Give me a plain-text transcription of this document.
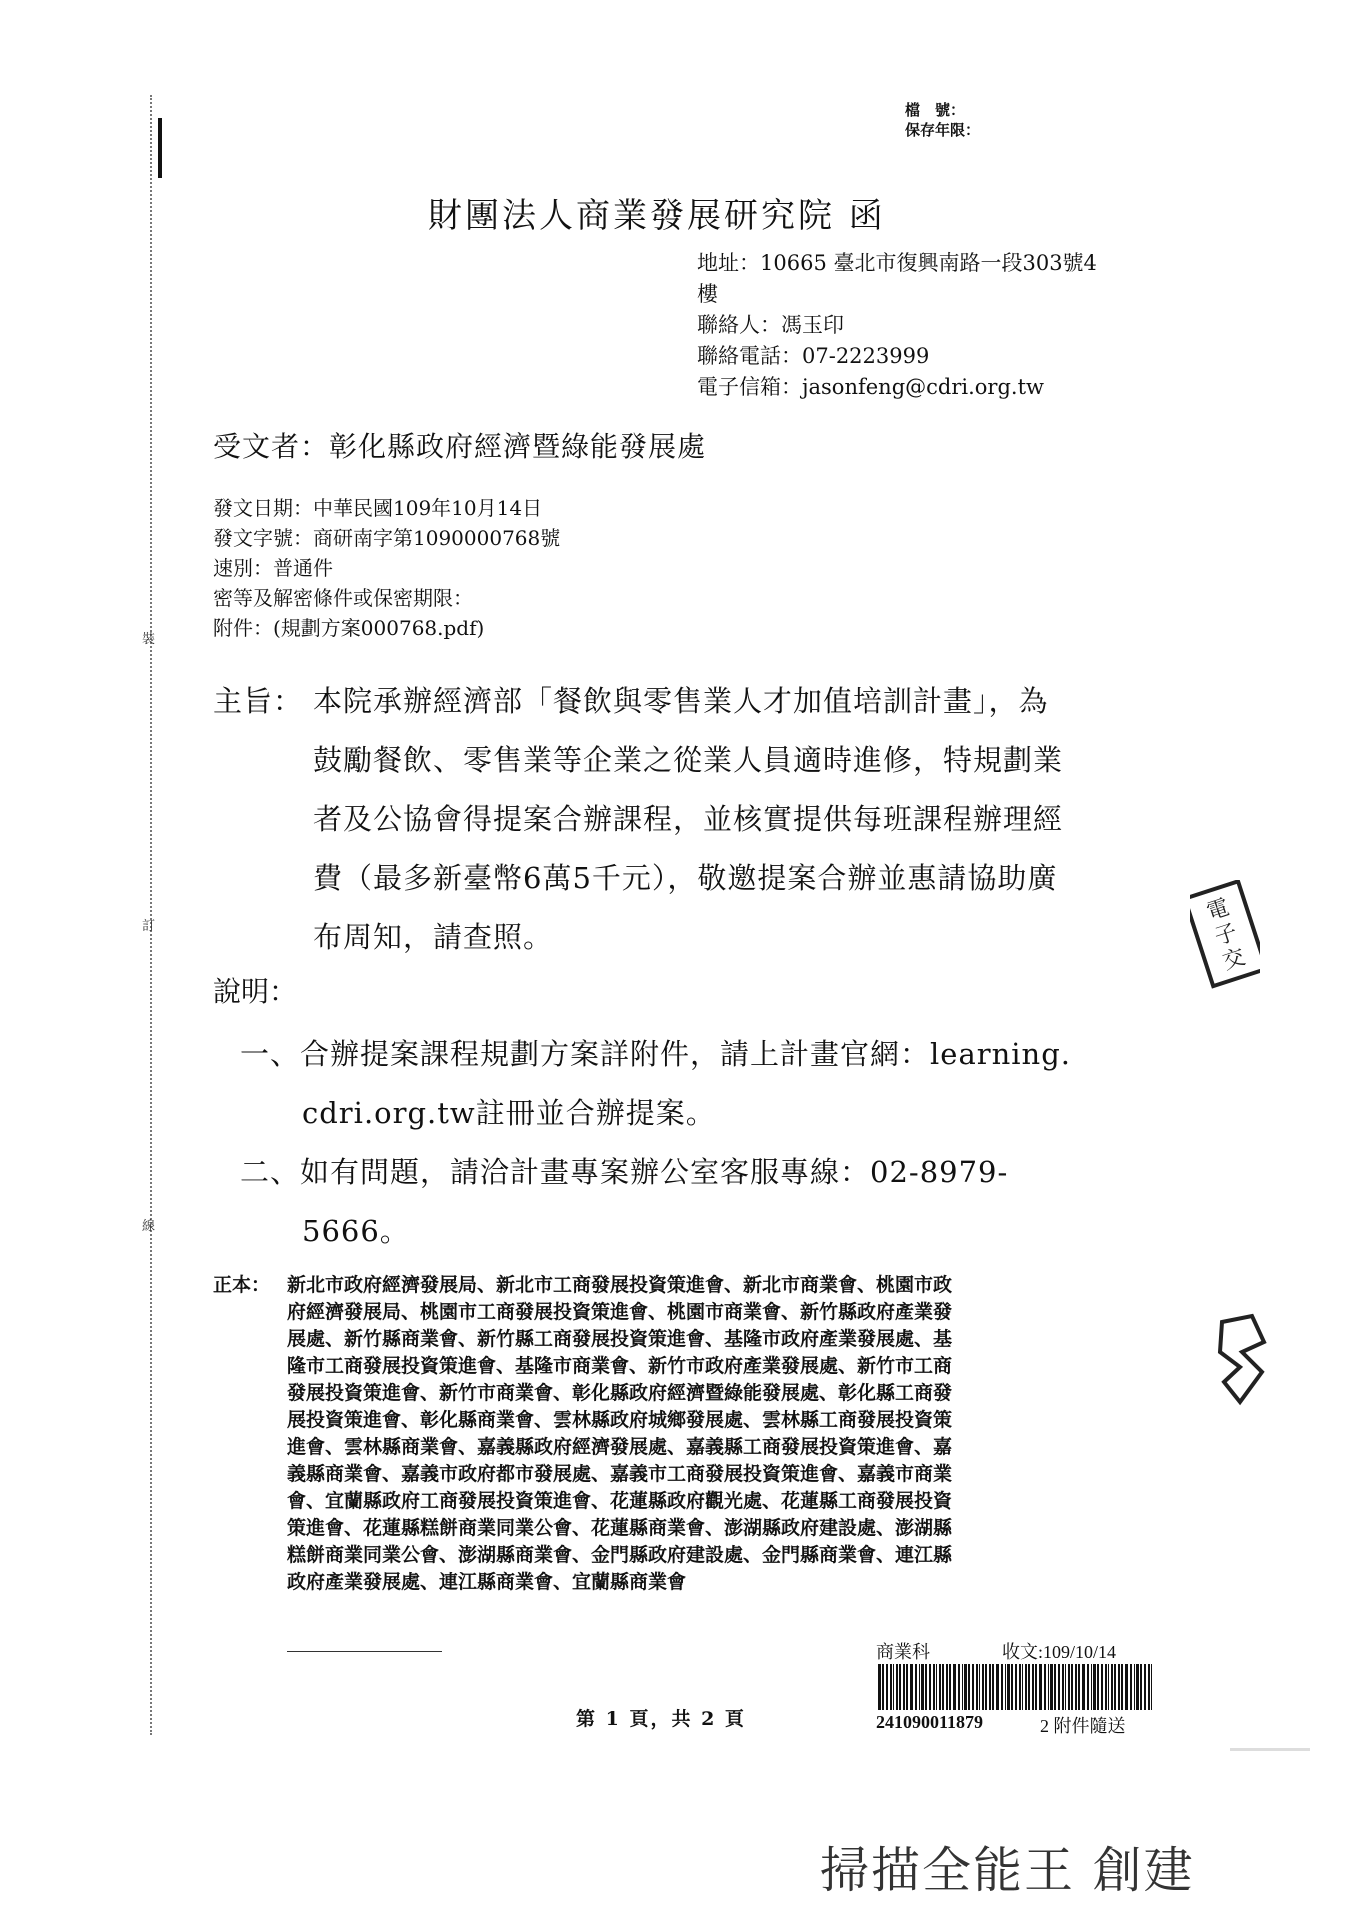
裝
訂
線
檔　號：
保存年限：
財團法人商業發展研究院 函
地址：10665 臺北市復興南路一段303號4
樓
聯絡人：馮玉印
聯絡電話：07-2223999
電子信箱：jasonfeng@cdri.org.tw
受文者：彰化縣政府經濟暨綠能發展處
發文日期：中華民國109年10月14日
發文字號：商研南字第1090000768號
速別：普通件
密等及解密條件或保密期限：
附件：(規劃方案000768.pdf)
主旨： 本院承辦經濟部「餐飲與零售業人才加值培訓計畫」，為
鼓勵餐飲、零售業等企業之從業人員適時進修，特規劃業
者及公協會得提案合辦課程，並核實提供每班課程辦理經
費（最多新臺幣6萬5千元），敬邀提案合辦並惠請協助廣
布周知，請查照。
說明：
一、合辦提案課程規劃方案詳附件，請上計畫官網：learning.
cdri.org.tw註冊並合辦提案。
二、如有問題，請洽計畫專案辦公室客服專線：02-8979-
5666。
正本： 新北市政府經濟發展局、新北市工商發展投資策進會、新北市商業會、桃園市政
府經濟發展局、桃園市工商發展投資策進會、桃園市商業會、新竹縣政府產業發
展處、新竹縣商業會、新竹縣工商發展投資策進會、基隆市政府產業發展處、基
隆市工商發展投資策進會、基隆市商業會、新竹市政府產業發展處、新竹市工商
發展投資策進會、新竹市商業會、彰化縣政府經濟暨綠能發展處、彰化縣工商發
展投資策進會、彰化縣商業會、雲林縣政府城鄉發展處、雲林縣工商發展投資策
進會、雲林縣商業會、嘉義縣政府經濟發展處、嘉義縣工商發展投資策進會、嘉
義縣商業會、嘉義市政府都市發展處、嘉義市工商發展投資策進會、嘉義市商業
會、宜蘭縣政府工商發展投資策進會、花蓮縣政府觀光處、花蓮縣工商發展投資
策進會、花蓮縣糕餅商業同業公會、花蓮縣商業會、澎湖縣政府建設處、澎湖縣
糕餅商業同業公會、澎湖縣商業會、金門縣政府建設處、金門縣商業會、連江縣
政府產業發展處、連江縣商業會、宜蘭縣商業會
第 1 頁，共 2 頁
商業科	收文:109/10/14
241090011879	2 附件隨送
電
子
交
掃描全能王 創建
